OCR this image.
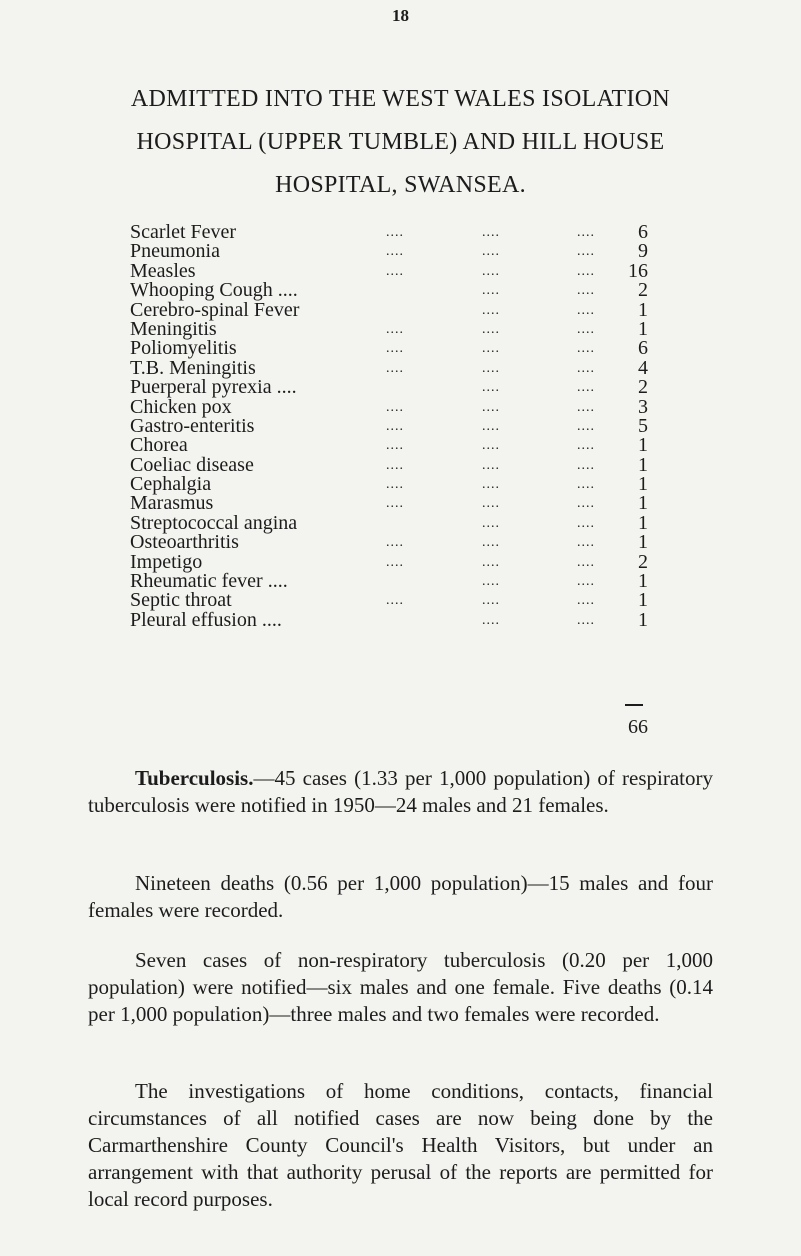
18
ADMITTED INTO THE WEST WALES ISOLATION
HOSPITAL (UPPER TUMBLE) AND HILL HOUSE
HOSPITAL, SWANSEA.
Scarlet Fever	....	....	....	6
Pneumonia	....	....	....	9
Measles	....	....	....	16
Whooping Cough ....	....	....	2
Cerebro-spinal Fever	....	....	1
Meningitis	....	....	....	1
Poliomyelitis	....	....	....	6
T.B. Meningitis	....	....	....	4
Puerperal pyrexia ....	....	....	2
Chicken pox	....	....	....	3
Gastro-enteritis	....	....	....	5
Chorea	....	....	....	1
Coeliac disease	....	....	....	1
Cephalgia	....	....	....	1
Marasmus	....	....	....	1
Streptococcal angina	....	....	1
Osteoarthritis	....	....	....	1
Impetigo	....	....	....	2
Rheumatic fever ....	....	....	1
Septic throat	....	....	....	1
Pleural effusion ....	....	....	1
66
Tuberculosis.—45 cases (1.33 per 1,000 population) of respiratory tuberculosis were notified in 1950—24 males and 21 females.
Nineteen deaths (0.56 per 1,000 population)—15 males and four females were recorded.
Seven cases of non-respiratory tuberculosis (0.20 per 1,000 population) were notified—six males and one female. Five deaths (0.14 per 1,000 population)—three males and two females were recorded.
The investigations of home conditions, contacts, financial circumstances of all notified cases are now being done by the Carmarthenshire County Council's Health Visitors, but under an arrangement with that authority perusal of the reports are permitted for local record purposes.
